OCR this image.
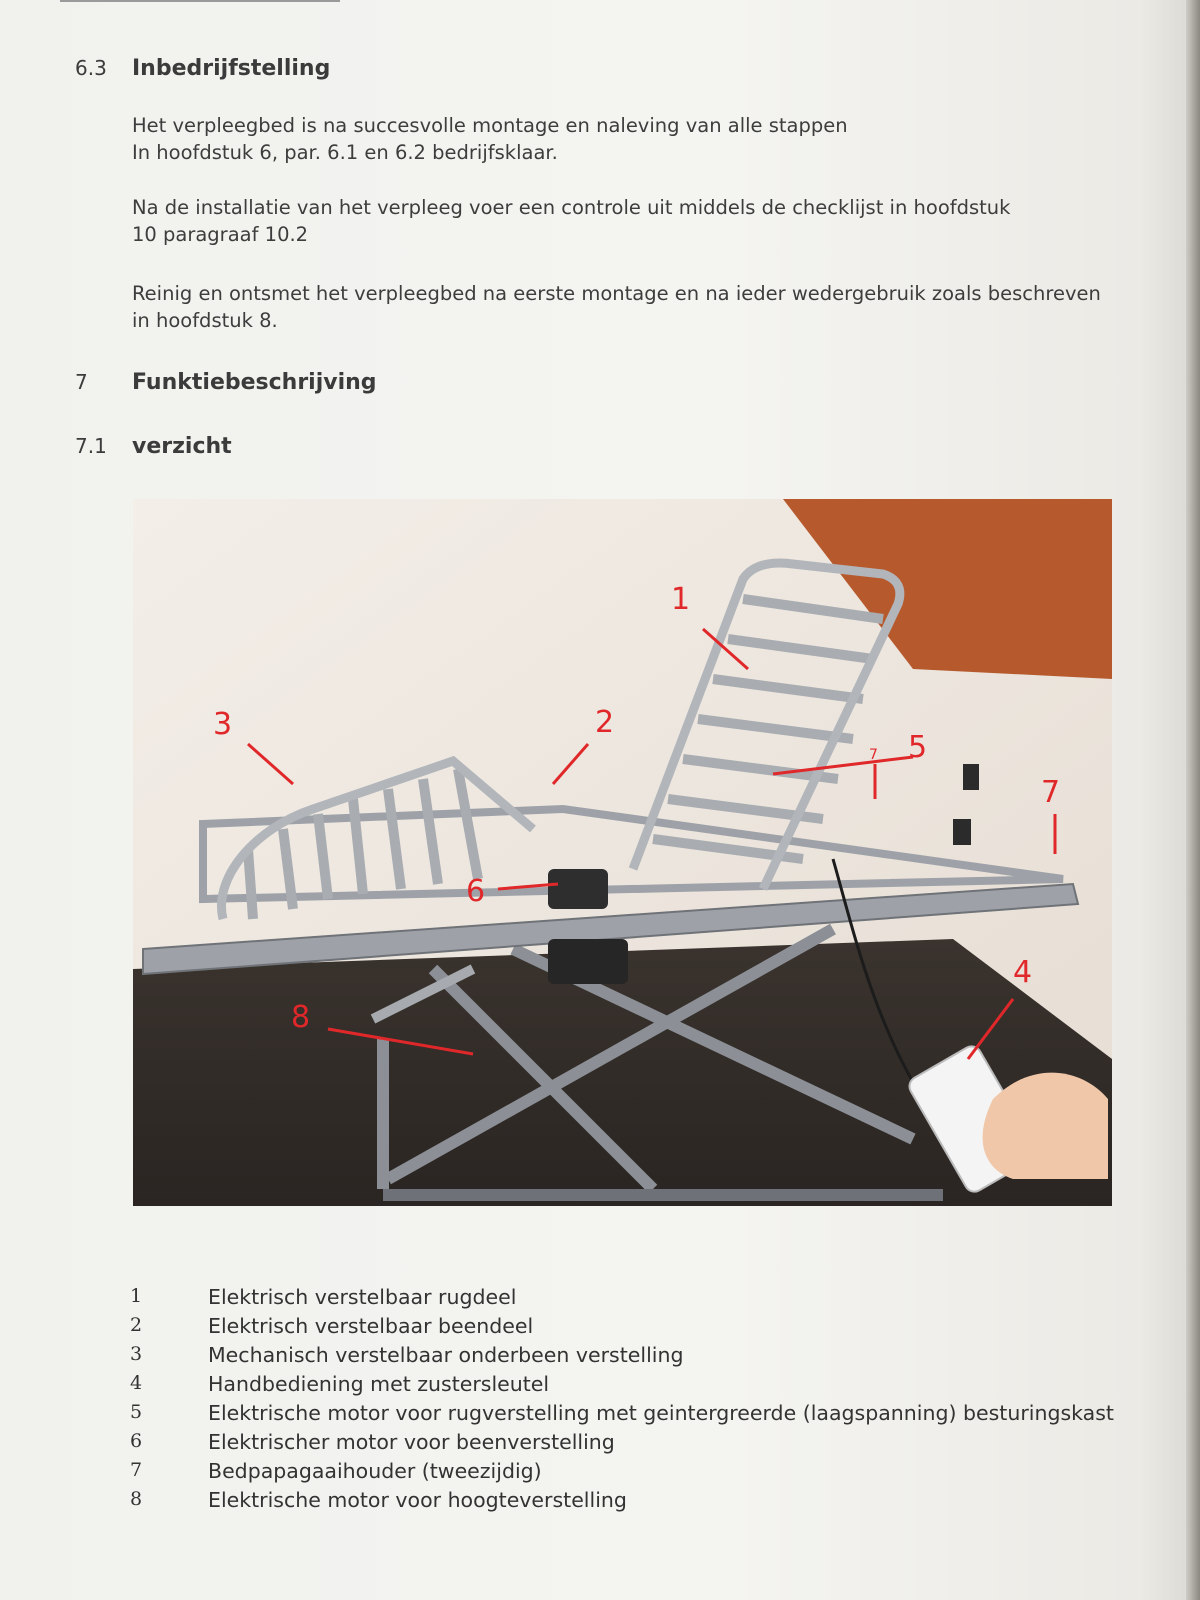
6.3 Inbedrijfstelling
Het verpleegbed is na succesvolle montage en naleving van alle stappen
In hoofdstuk 6, par. 6.1 en 6.2 bedrijfsklaar.
Na de installatie van het verpleeg voer een controle uit middels de checklijst in hoofdstuk
10 paragraaf 10.2
Reinig en ontsmet het verpleegbed na eerste montage en na ieder wedergebruik zoals beschreven
in hoofdstuk 8.
7 Funktiebeschrijving
7.1 verzicht
1
2
3
4
5
6
7
7
8
1	Elektrisch verstelbaar rugdeel
2	Elektrisch verstelbaar beendeel
3	Mechanisch verstelbaar onderbeen verstelling
4	Handbediening met zustersleutel
5	Elektrische motor voor rugverstelling met geintergreerde (laagspanning) besturingskast
6	Elektrischer motor voor beenverstelling
7	Bedpapagaaihouder (tweezijdig)
8	Elektrische motor voor hoogteverstelling
